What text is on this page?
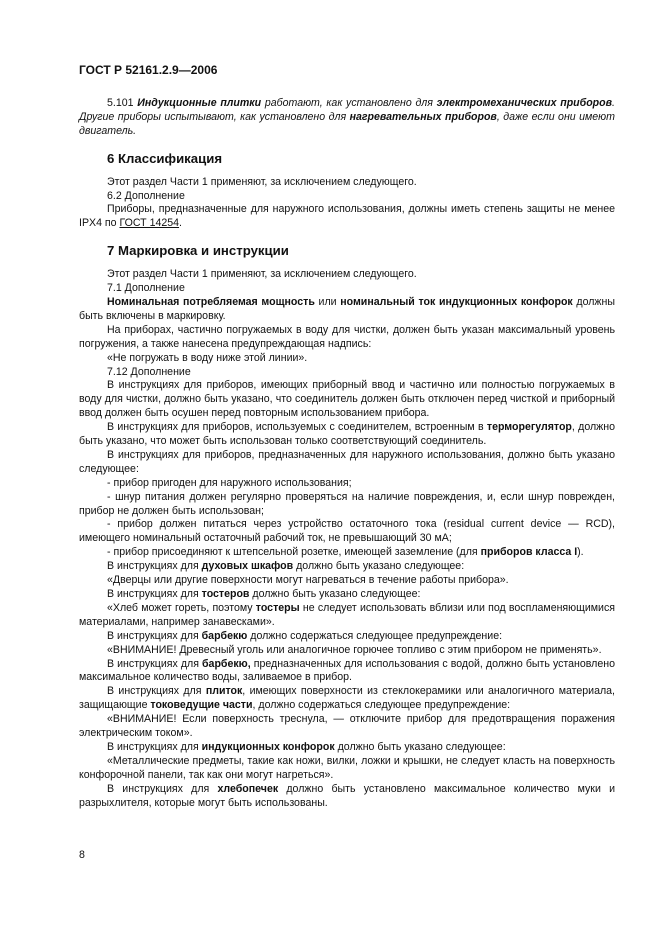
ГОСТ Р 52161.2.9—2006

5.101 Индукционные плитки работают, как установлено для электромеханических приборов. Другие приборы испытывают, как установлено для нагревательных приборов, даже если они имеют двигатель.

6 Классификация

Этот раздел Части 1 применяют, за исключением следующего.

6.2 Дополнение

Приборы, предназначенные для наружного использования, должны иметь степень защиты не менее IPX4 по ГОСТ 14254.

7 Маркировка и инструкции

Этот раздел Части 1 применяют, за исключением следующего.

7.1 Дополнение

Номинальная потребляемая мощность или номинальный ток индукционных конфорок должны быть включены в маркировку.

На приборах, частично погружаемых в воду для чистки, должен быть указан максимальный уровень погружения, а также нанесена предупреждающая надпись:

«Не погружать в воду ниже этой линии».

7.12 Дополнение

В инструкциях для приборов, имеющих приборный ввод и частично или полностью погружаемых в воду для чистки, должно быть указано, что соединитель должен быть отключен перед чисткой и приборный ввод должен быть осушен перед повторным использованием прибора.

В инструкциях для приборов, используемых с соединителем, встроенным в терморегулятор, должно быть указано, что может быть использован только соответствующий соединитель.

В инструкциях для приборов, предназначенных для наружного использования, должно быть указано следующее:

- прибор пригоден для наружного использования;

- шнур питания должен регулярно проверяться на наличие повреждения, и, если шнур поврежден, прибор не должен быть использован;

- прибор должен питаться через устройство остаточного тока (residual current device — RCD), имеющего номинальный остаточный рабочий ток, не превышающий 30 мА;

- прибор присоединяют к штепсельной розетке, имеющей заземление (для приборов класса I).

В инструкциях для духовых шкафов должно быть указано следующее:

«Дверцы или другие поверхности могут нагреваться в течение работы прибора».

В инструкциях для тостеров должно быть указано следующее:

«Хлеб может гореть, поэтому тостеры не следует использовать вблизи или под воспламеняющимися материалами, например занавесками».

В инструкциях для барбекю должно содержаться следующее предупреждение:

«ВНИМАНИЕ! Древесный уголь или аналогичное горючее топливо с этим прибором не применять».

В инструкциях для барбекю, предназначенных для использования с водой, должно быть установлено максимальное количество воды, заливаемое в прибор.

В инструкциях для плиток, имеющих поверхности из стеклокерамики или аналогичного материала, защищающие токоведущие части, должно содержаться следующее предупреждение:

«ВНИМАНИЕ! Если поверхность треснула, — отключите прибор для предотвращения поражения электрическим током».

В инструкциях для индукционных конфорок должно быть указано следующее:

«Металлические предметы, такие как ножи, вилки, ложки и крышки, не следует класть на поверхность конфорочной панели, так как они могут нагреться».

В инструкциях для хлебопечек должно быть установлено максимальное количество муки и разрыхлителя, которые могут быть использованы.

8
